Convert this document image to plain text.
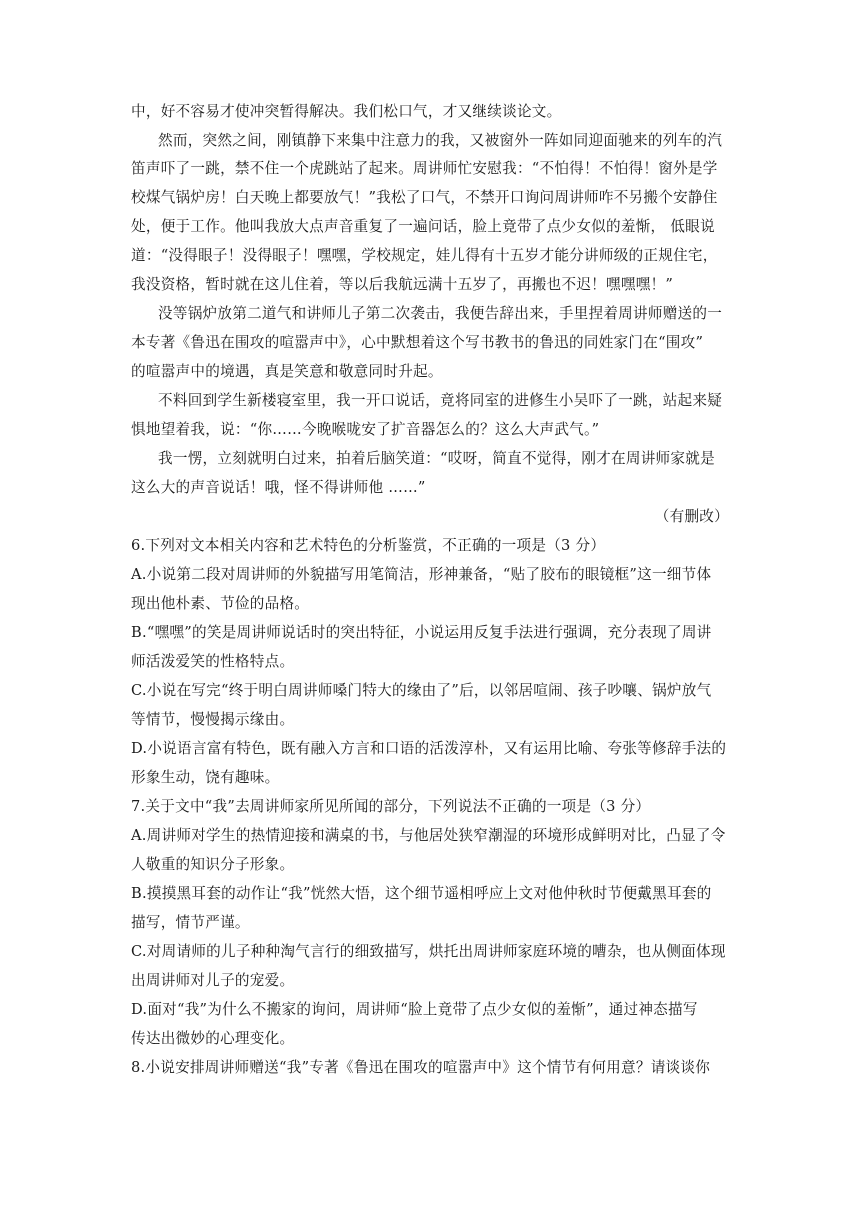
中，好不容易才使冲突暂得解决。我们松口气，才又继续谈论文。
然而，突然之间，刚镇静下来集中注意力的我，又被窗外一阵如同迎面驰来的列车的汽
笛声吓了一跳，禁不住一个虎跳站了起来。周讲师忙安慰我：“不怕得！不怕得！窗外是学
校煤气锅炉房！白天晚上都要放气！”我松了口气，不禁开口询问周讲师咋不另搬个安静住
处，便于工作。他叫我放大点声音重复了一遍问话，脸上竟带了点少女似的羞惭， 低眼说
道：“没得眼子！没得眼子！嘿嘿，学校规定，娃儿得有十五岁才能分讲师级的正规住宅，
我没资格，暂时就在这儿住着，等以后我航远满十五岁了，再搬也不迟！嘿嘿嘿！”
没等锅炉放第二道气和讲师儿子第二次袭击，我便告辞出来，手里捏着周讲师赠送的一
本专著《鲁迅在围攻的喧嚣声中》，心中默想着这个写书教书的鲁迅的同姓家门在“围攻”
的喧嚣声中的境遇，真是笑意和敬意同时升起。
不料回到学生新楼寝室里，我一开口说话，竟将同室的进修生小吴吓了一跳，站起来疑
惧地望着我，说：“你……今晚喉咙安了扩音器怎么的？这么大声武气。”
我一愣，立刻就明白过来，拍着后脑笑道：“哎呀，简直不觉得，刚才在周讲师家就是
这么大的声音说话！哦，怪不得讲师他 ……”
（有删改）
6.下列对文本相关内容和艺术特色的分析鉴赏，不正确的一项是（3 分）
A.小说第二段对周讲师的外貌描写用笔简洁，形神兼备，“贴了胶布的眼镜框”这一细节体
现出他朴素、节俭的品格。
B.“嘿嘿”的笑是周讲师说话时的突出特征，小说运用反复手法进行强调，充分表现了周讲
师活泼爱笑的性格特点。
C.小说在写完“终于明白周讲师嗓门特大的缘由了”后，以邻居喧闹、孩子吵嚷、锅炉放气
等情节，慢慢揭示缘由。
D.小说语言富有特色，既有融入方言和口语的活泼淳朴，又有运用比喻、夸张等修辞手法的
形象生动，饶有趣味。
7.关于文中“我”去周讲师家所见所闻的部分，下列说法不正确的一项是（3 分）
A.周讲师对学生的热情迎接和满桌的书，与他居处狭窄潮湿的环境形成鲜明对比，凸显了令
人敬重的知识分子形象。
B.摸摸黑耳套的动作让“我”恍然大悟，这个细节遥相呼应上文对他仲秋时节便戴黑耳套的
描写，情节严谨。
C.对周请师的儿子种种淘气言行的细致描写，烘托出周讲师家庭环境的嘈杂，也从侧面体现
出周讲师对儿子的宠爱。
D.面对“我”为什么不搬家的询问，周讲师“脸上竟带了点少女似的羞惭”，通过神态描写
传达出微妙的心理变化。
8.小说安排周讲师赠送“我”专著《鲁迅在围攻的喧嚣声中》这个情节有何用意？请谈谈你
